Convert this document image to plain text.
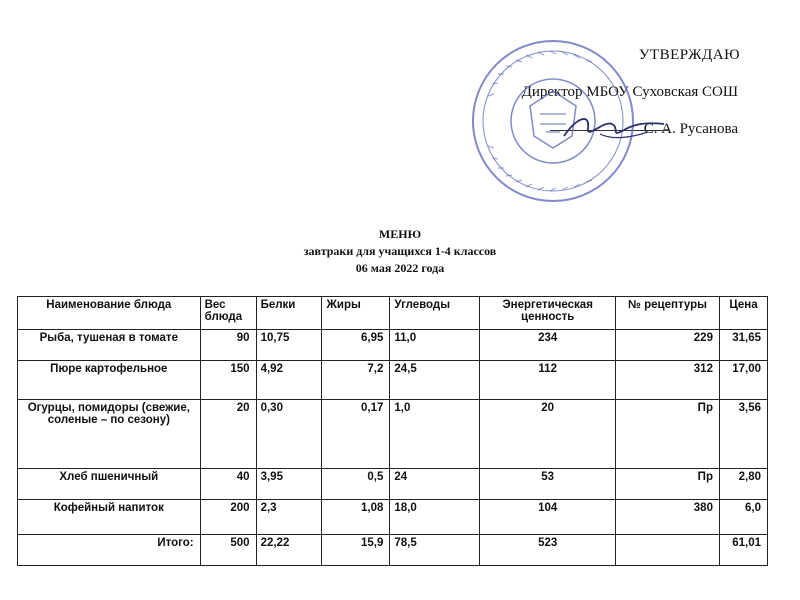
УТВЕРЖДАЮ
Директор МБОУ Суховская СОШ
С. А. Русанова
МЕНЮ
завтраки для учащихся 1-4 классов
06 мая 2022 года
Наименование блюда	Вес блюда	Белки	Жиры	Углеводы	Энергетическая ценность	№ рецептуры	Цена
Рыба, тушеная в томате	90	10,75	6,95	11,0	234	229	31,65
Пюре картофельное	150	4,92	7,2	24,5	112	312	17,00
Огурцы, помидоры (свежие, соленые – по сезону)	20	0,30	0,17	1,0	20	Пр	3,56
Хлеб пшеничный	40	3,95	0,5	24	53	Пр	2,80
Кофейный напиток	200	2,3	1,08	18,0	104	380	6,0
Итого:	500	22,22	15,9	78,5	523		61,01
